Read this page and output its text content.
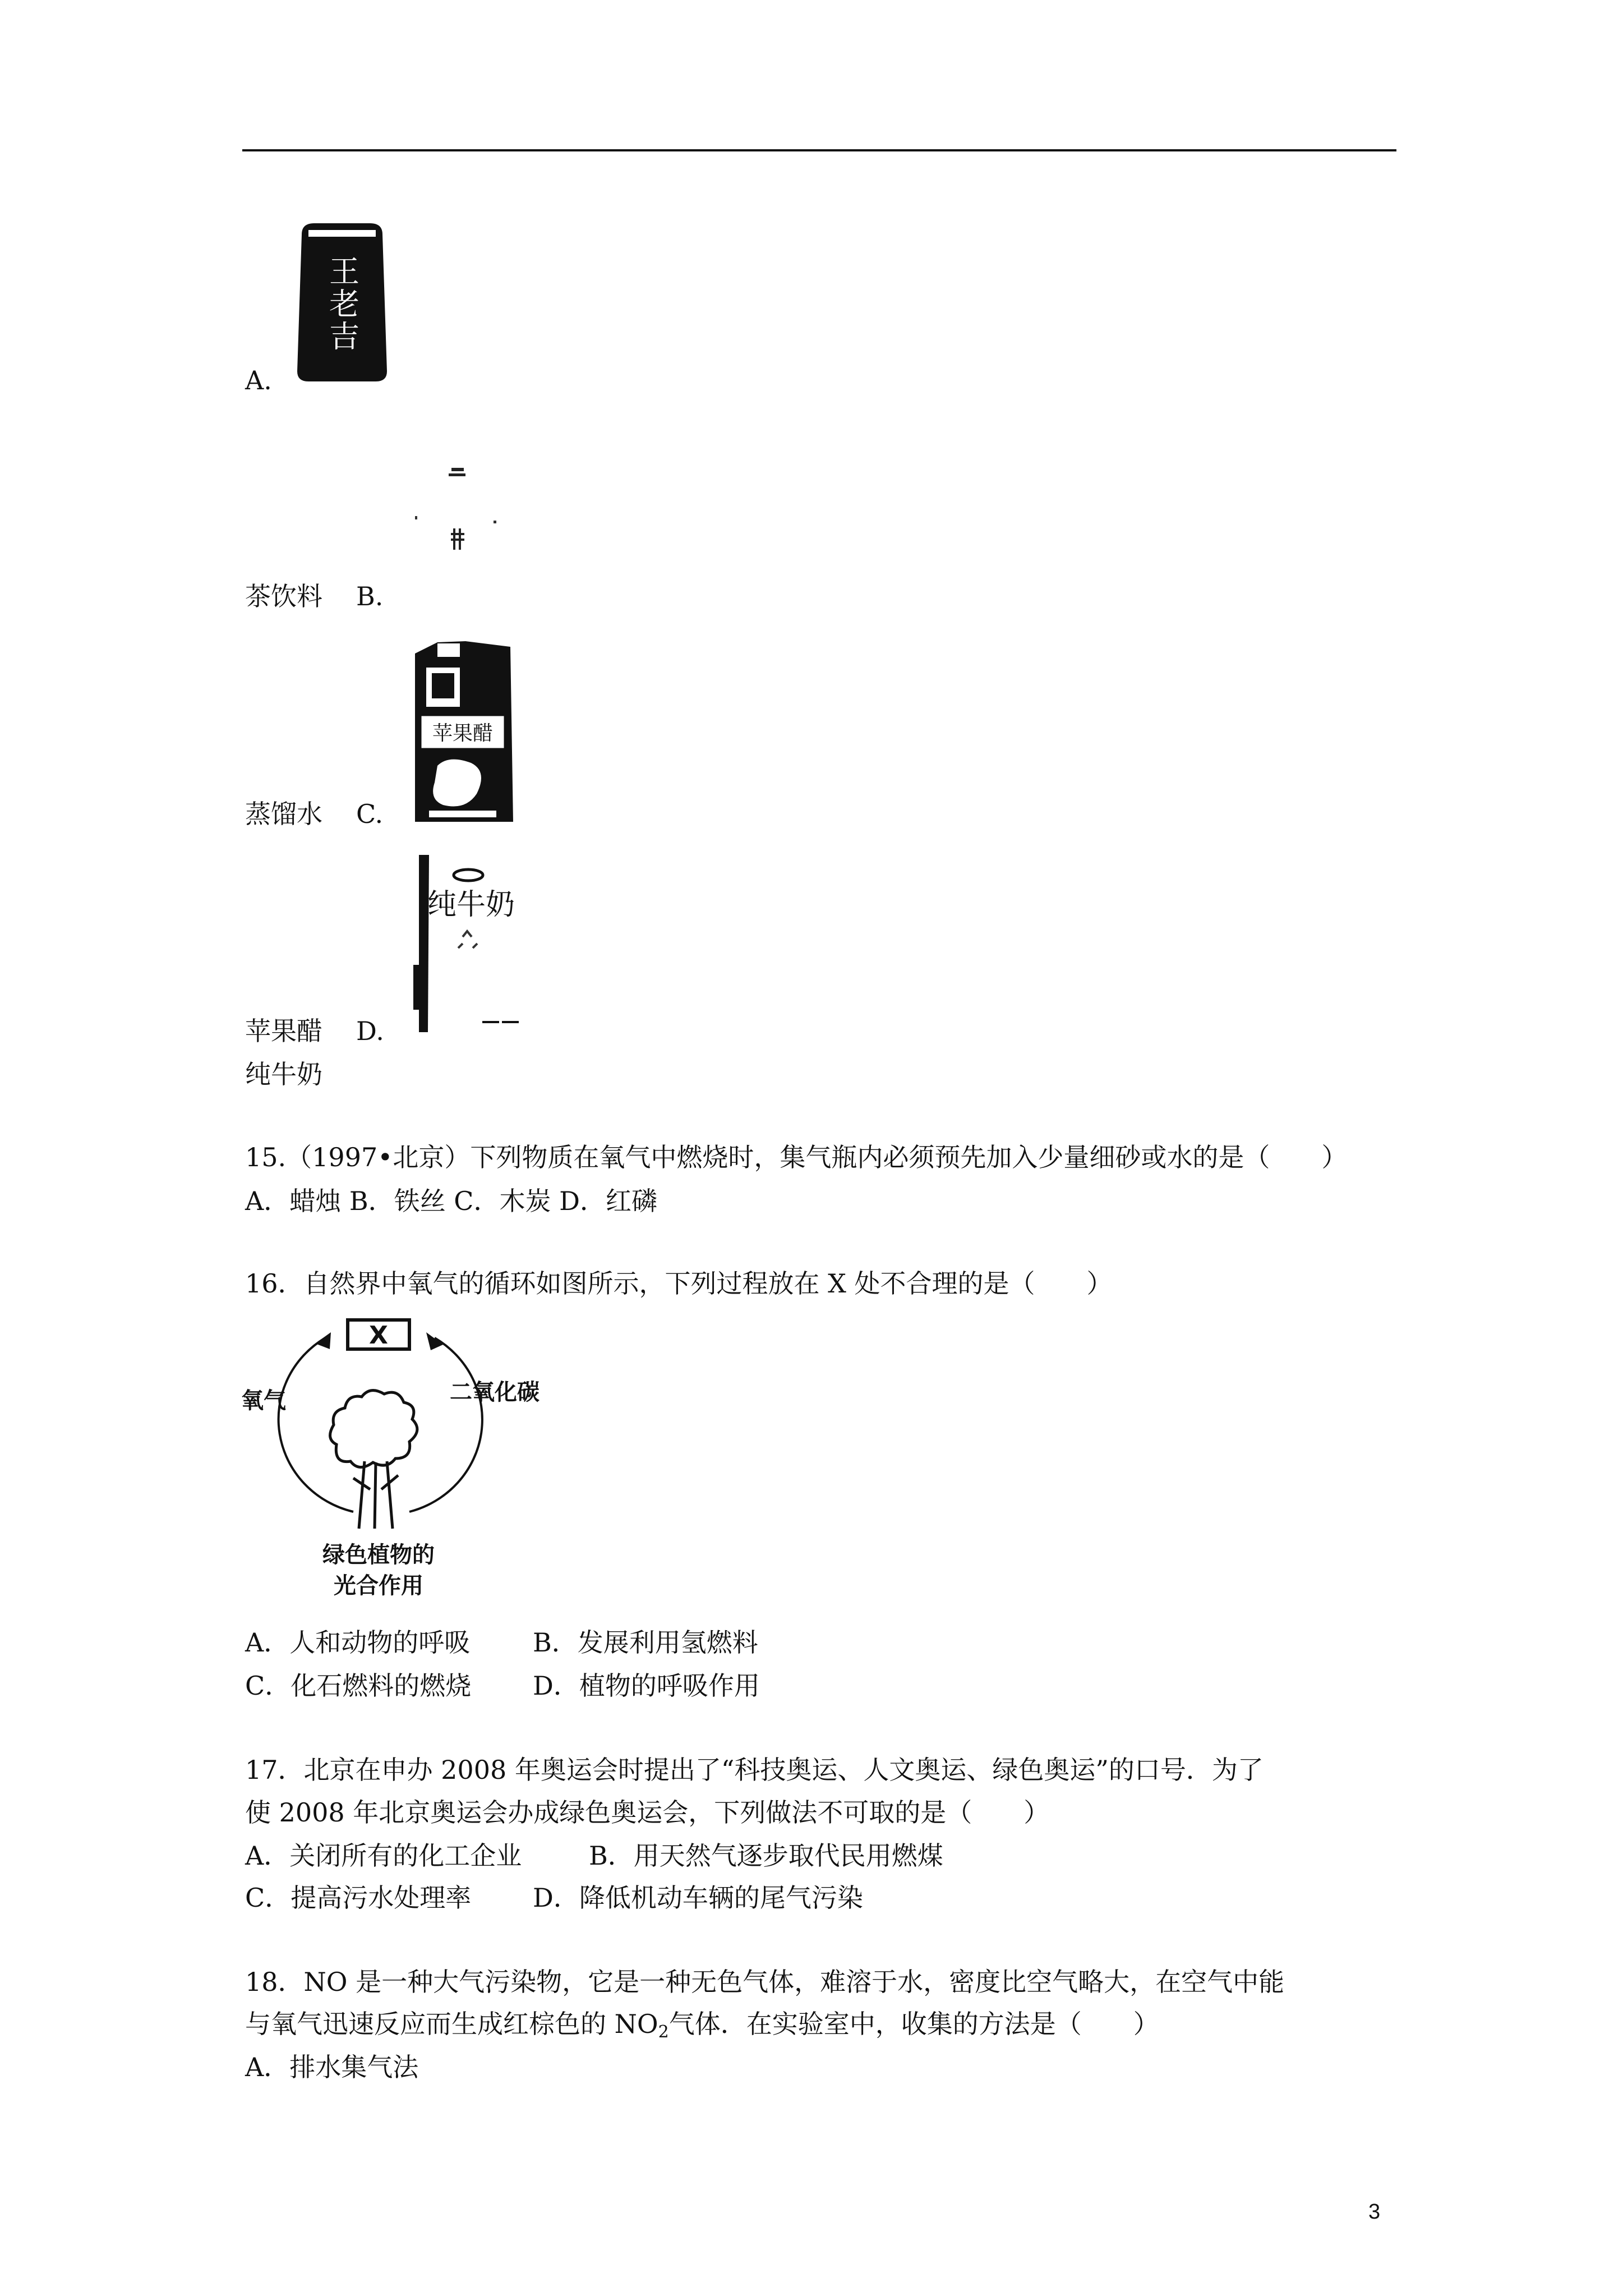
A.
王老吉
茶饮料 B.
蒸馏水 C.
苹果醋
苹果醋 D.
纯牛奶
纯牛奶
15.（1997•北京）下列物质在氧气中燃烧时，集气瓶内必须预先加入少量细砂或水的是（　　）
A．蜡烛 B．铁丝 C．木炭 D．红磷
16．自然界中氧气的循环如图所示，下列过程放在 X 处不合理的是（　　）
X
氧气	二氧化碳
绿色植物的
光合作用
A．人和动物的呼吸 B．发展利用氢燃料
C．化石燃料的燃烧 D．植物的呼吸作用
17．北京在申办 2008 年奥运会时提出了“科技奥运、人文奥运、绿色奥运”的口号．为了
使 2008 年北京奥运会办成绿色奥运会，下列做法不可取的是（　　）
A．关闭所有的化工企业	B．用天然气逐步取代民用燃煤
C．提高污水处理率 D．降低机动车辆的尾气污染
18．NO 是一种大气污染物，它是一种无色气体，难溶于水，密度比空气略大，在空气中能
与氧气迅速反应而生成红棕色的 $NO_2$气体．在实验室中，收集的方法是（　　）
A．排水集气法
3
